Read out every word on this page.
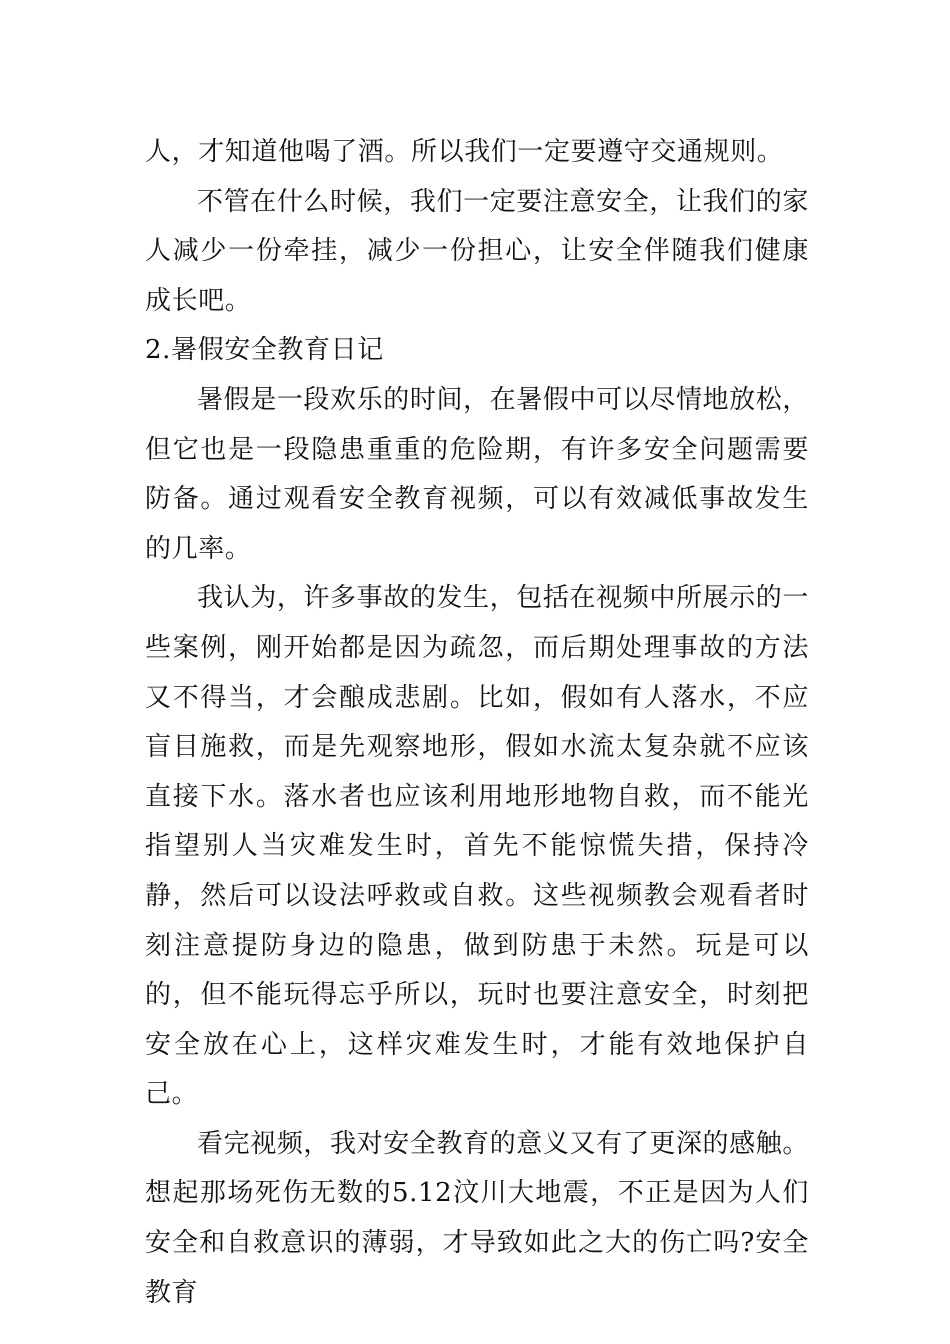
人，才知道他喝了酒。所以我们一定要遵守交通规则。

不管在什么时候，我们一定要注意安全，让我们的家人减少一份牵挂，减少一份担心，让安全伴随我们健康成长吧。

2.暑假安全教育日记

暑假是一段欢乐的时间，在暑假中可以尽情地放松，但它也是一段隐患重重的危险期，有许多安全问题需要防备。通过观看安全教育视频，可以有效减低事故发生的几率。

我认为，许多事故的发生，包括在视频中所展示的一些案例，刚开始都是因为疏忽，而后期处理事故的方法又不得当，才会酿成悲剧。比如，假如有人落水，不应盲目施救，而是先观察地形，假如水流太复杂就不应该直接下水。落水者也应该利用地形地物自救，而不能光指望别人当灾难发生时，首先不能惊慌失措，保持冷静，然后可以设法呼救或自救。这些视频教会观看者时刻注意提防身边的隐患，做到防患于未然。玩是可以的，但不能玩得忘乎所以，玩时也要注意安全，时刻把安全放在心上，这样灾难发生时，才能有效地保护自己。

看完视频，我对安全教育的意义又有了更深的感触。想起那场死伤无数的5.12汶川大地震，不正是因为人们安全和自救意识的薄弱，才导致如此之大的伤亡吗?安全教育
